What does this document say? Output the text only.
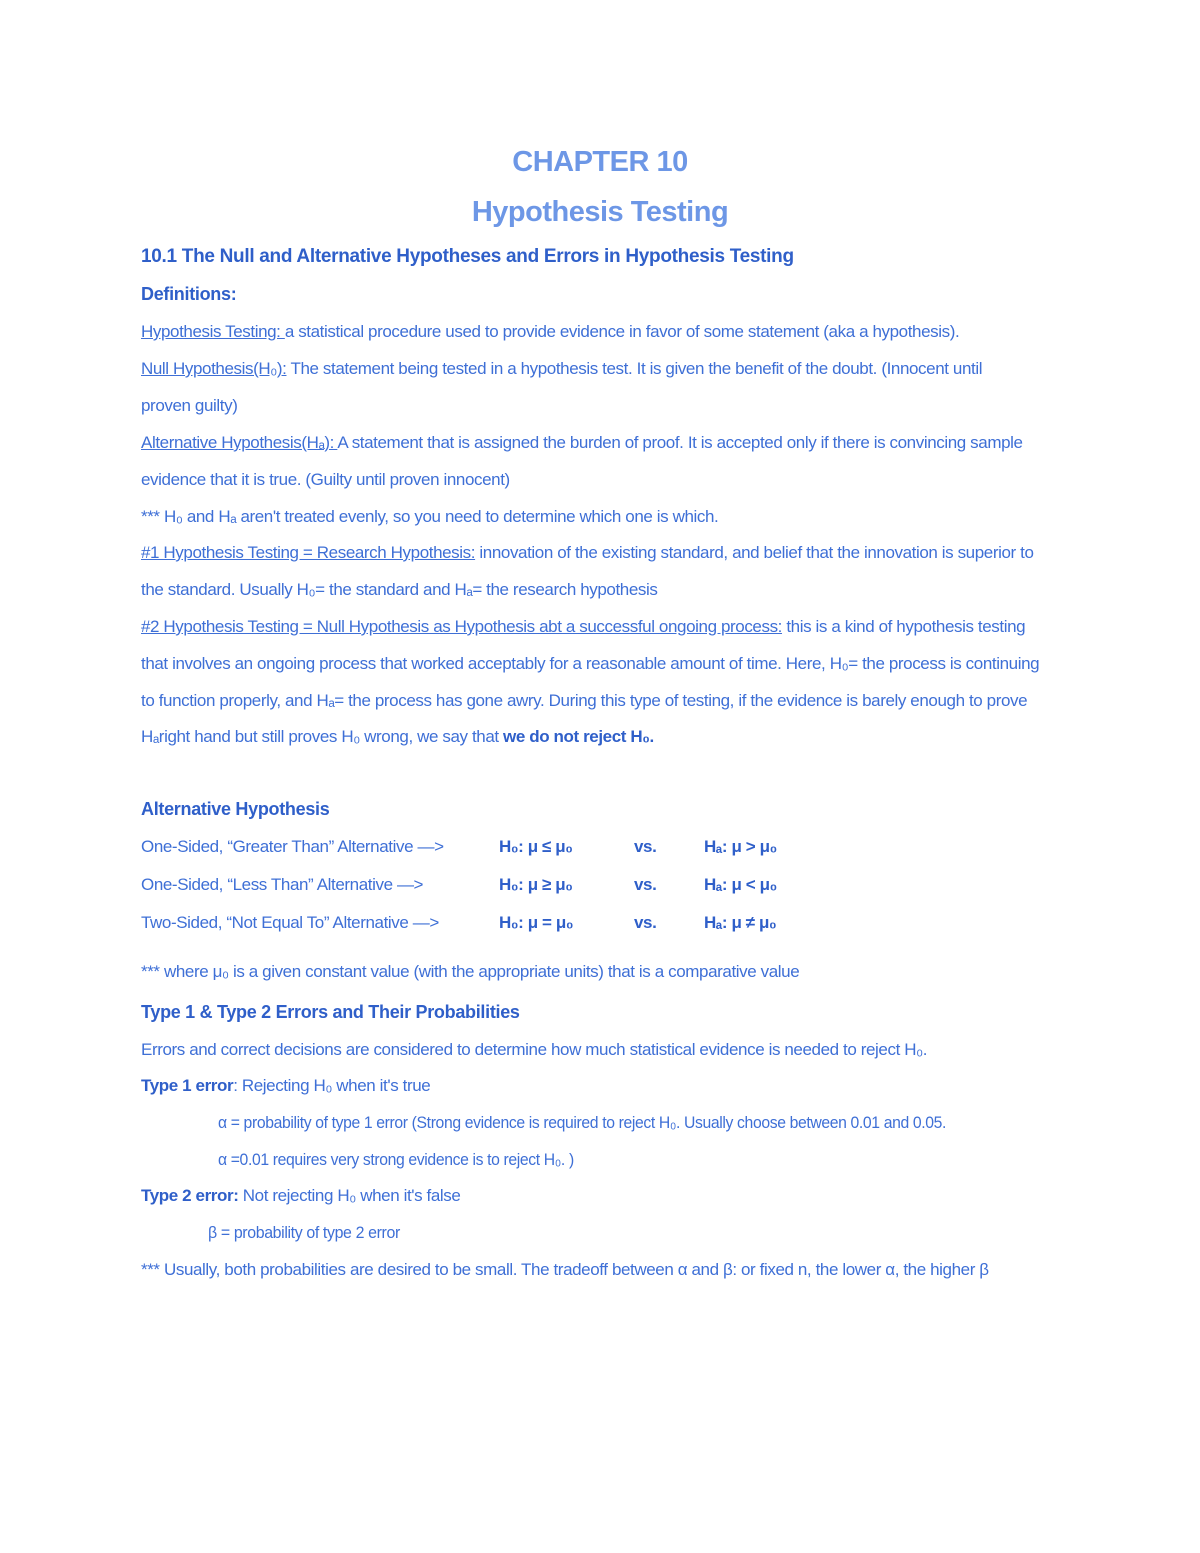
CHAPTER 10
Hypothesis Testing
10.1 The Null and Alternative Hypotheses and Errors in Hypothesis Testing
Definitions:
Hypothesis Testing: a statistical procedure used to provide evidence in favor of some statement (aka a hypothesis).
Null Hypothesis(H₀): The statement being tested in a hypothesis test. It is given the benefit of the doubt. (Innocent until
proven guilty)
Alternative Hypothesis(Hₐ): A statement that is assigned the burden of proof. It is accepted only if there is convincing sample
evidence that it is true. (Guilty until proven innocent)
*** H₀ and Hₐ aren't treated evenly, so you need to determine which one is which.
#1 Hypothesis Testing = Research Hypothesis: innovation of the existing standard, and belief that the innovation is superior to
the standard. Usually H₀= the standard and Hₐ= the research hypothesis
#2 Hypothesis Testing = Null Hypothesis as Hypothesis abt a successful ongoing process: this is a kind of hypothesis testing
that involves an ongoing process that worked acceptably for a reasonable amount of time. Here, H₀= the process is continuing
to function properly, and Hₐ= the process has gone awry. During this type of testing, if the evidence is barely enough to prove
Hₐright hand but still proves H₀ wrong, we say that we do not reject H₀.
Alternative Hypothesis
One-Sided, “Greater Than” Alternative —>	H₀: μ ≤ μ₀	vs.	Hₐ: μ > μ₀
One-Sided, “Less Than” Alternative —>	H₀: μ ≥ μ₀	vs.	Hₐ: μ < μ₀
Two-Sided, “Not Equal To” Alternative —>	H₀: μ = μ₀	vs.	Hₐ: μ ≠ μ₀
*** where μ₀ is a given constant value (with the appropriate units) that is a comparative value
Type 1 & Type 2 Errors and Their Probabilities
Errors and correct decisions are considered to determine how much statistical evidence is needed to reject H₀.
Type 1 error: Rejecting H₀ when it's true
α = probability of type 1 error (Strong evidence is required to reject H₀. Usually choose between 0.01 and 0.05.
α =0.01 requires very strong evidence is to reject H₀. )
Type 2 error: Not rejecting H₀ when it's false
β = probability of type 2 error
*** Usually, both probabilities are desired to be small. The tradeoff between α and β: or fixed n, the lower α, the higher β
